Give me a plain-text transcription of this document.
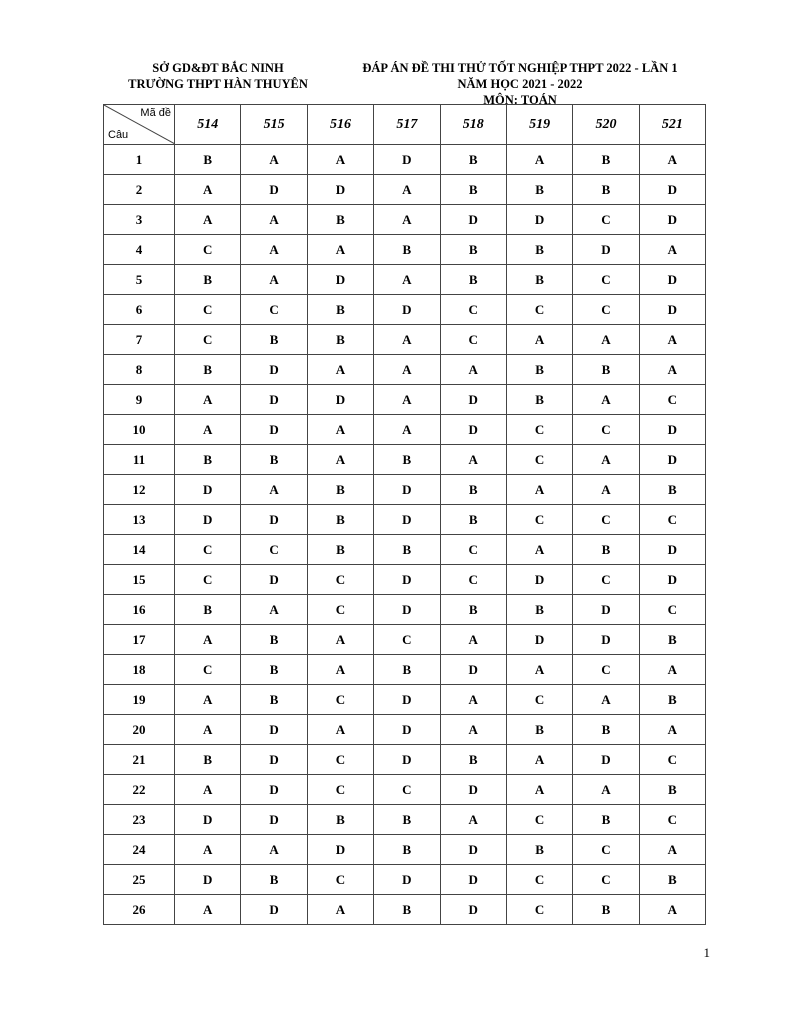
SỞ GD&ĐT BẮC NINH
TRƯỜNG THPT HÀN THUYÊN
ĐÁP ÁN ĐỀ THI THỬ TỐT NGHIỆP THPT 2022 - LẦN 1
NĂM HỌC 2021 - 2022
MÔN: TOÁN
Mã đề
Câu	514	515	516	517	518	519	520	521
1	B	A	A	D	B	A	B	A
2	A	D	D	A	B	B	B	D
3	A	A	B	A	D	D	C	D
4	C	A	A	B	B	B	D	A
5	B	A	D	A	B	B	C	D
6	C	C	B	D	C	C	C	D
7	C	B	B	A	C	A	A	A
8	B	D	A	A	A	B	B	A
9	A	D	D	A	D	B	A	C
10	A	D	A	A	D	C	C	D
11	B	B	A	B	A	C	A	D
12	D	A	B	D	B	A	A	B
13	D	D	B	D	B	C	C	C
14	C	C	B	B	C	A	B	D
15	C	D	C	D	C	D	C	D
16	B	A	C	D	B	B	D	C
17	A	B	A	C	A	D	D	B
18	C	B	A	B	D	A	C	A
19	A	B	C	D	A	C	A	B
20	A	D	A	D	A	B	B	A
21	B	D	C	D	B	A	D	C
22	A	D	C	C	D	A	A	B
23	D	D	B	B	A	C	B	C
24	A	A	D	B	D	B	C	A
25	D	B	C	D	D	C	C	B
26	A	D	A	B	D	C	B	A
1
